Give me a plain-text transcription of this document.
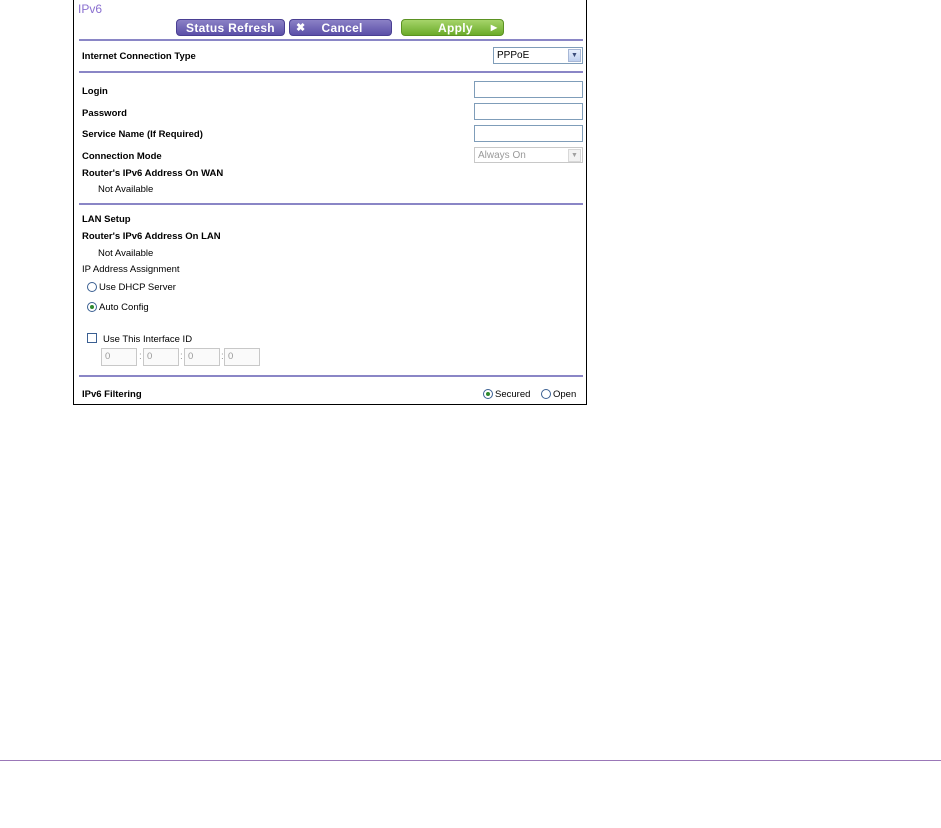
IPv6
Status Refresh ✖ Cancel	Apply ▶
Internet Connection Type	PPPoE	▼
Login
Password
Service Name (If Required)
Connection Mode	Always On	▼
Router's IPv6 Address On WAN
Not Available
LAN Setup
Router's IPv6 Address On LAN
Not Available
IP Address Assignment
Use DHCP Server
Auto Config
Use This Interface ID
0	: 0	: 0	: 0
IPv6 Filtering	Secured Open
